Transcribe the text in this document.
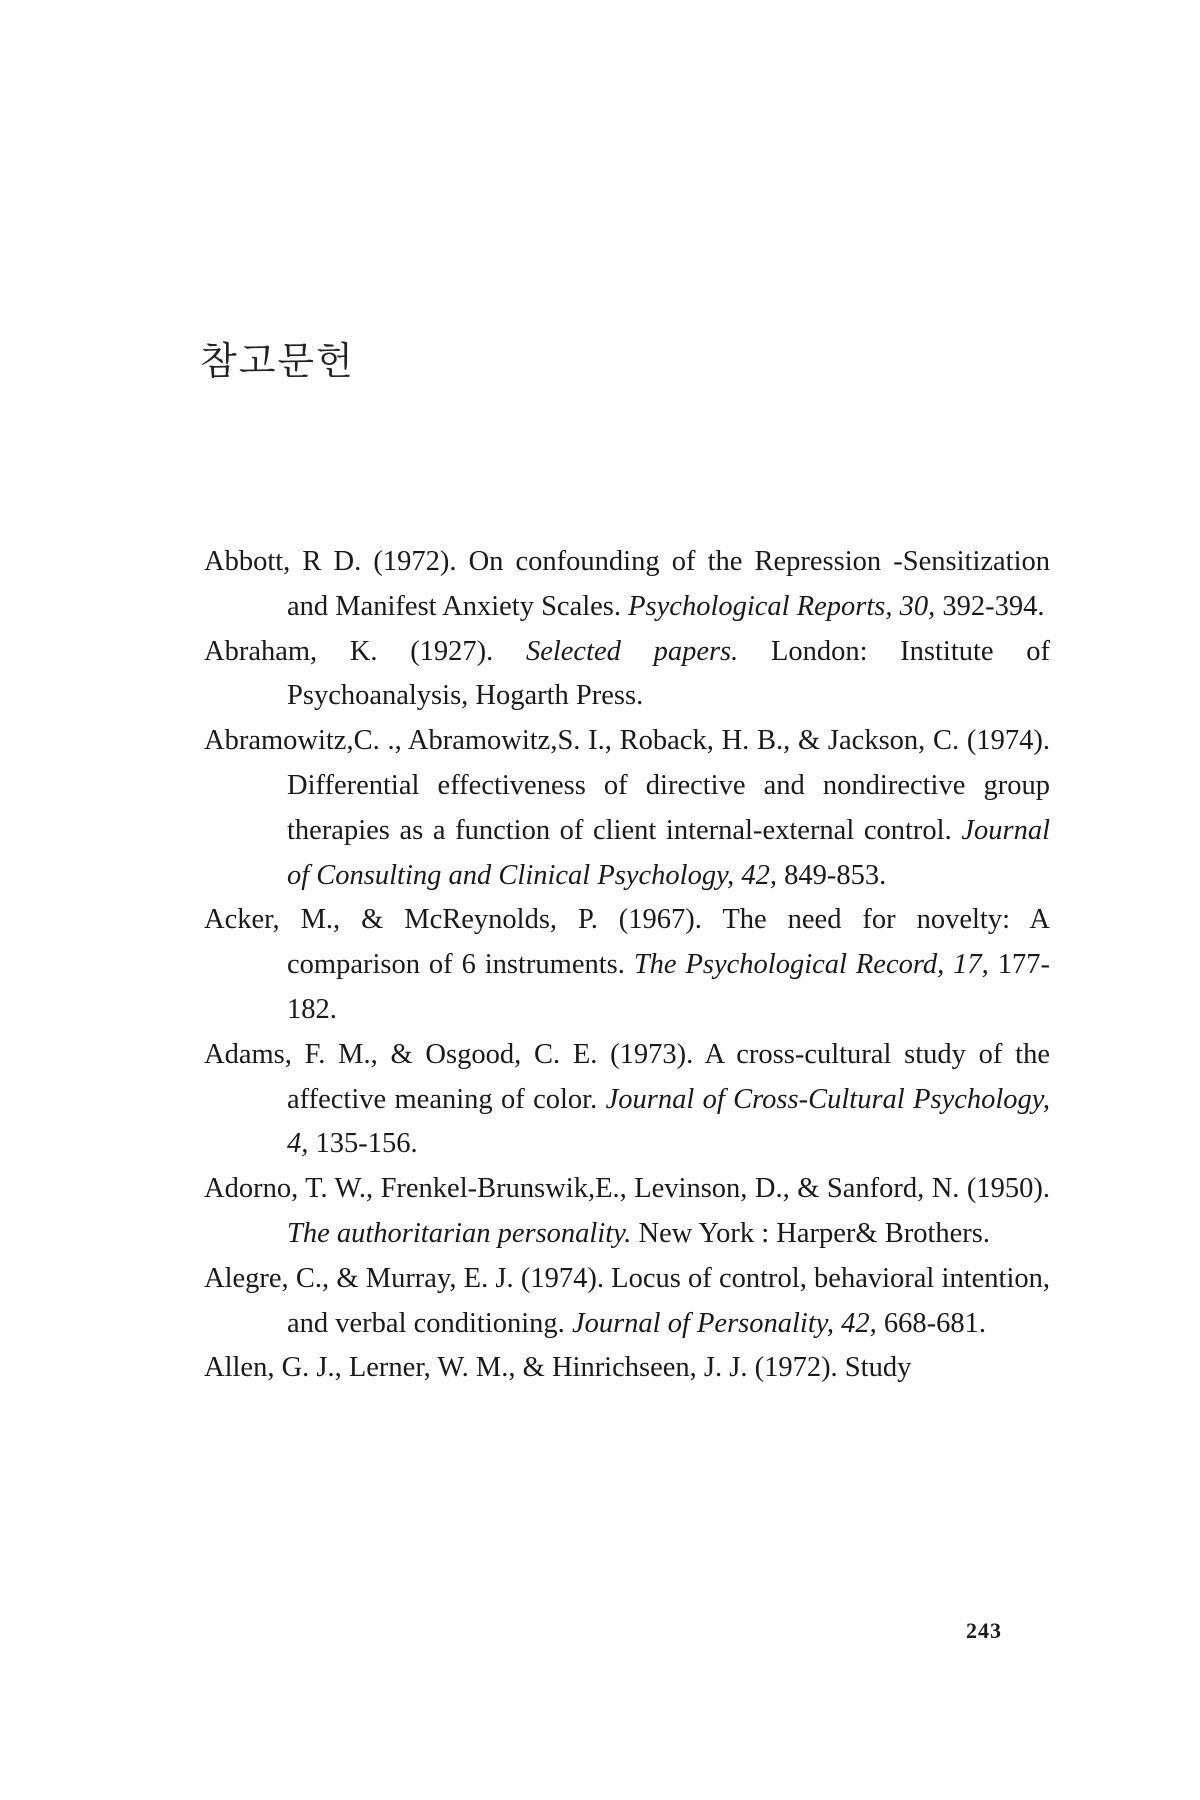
참고문헌

Abbott, R D. (1972). On confounding of the Repression -Sensitization and Manifest Anxiety Scales. Psychological Reports, 30, 392-394.

Abraham, K. (1927). Selected papers. London: Institute of Psychoanalysis, Hogarth Press.

Abramowitz,C. ., Abramowitz,S. I., Roback, H. B., & Jackson, C. (1974). Differential effectiveness of directive and nondirective group therapies as a function of client internal-external control. Journal of Consulting and Clinical Psychology, 42, 849-853.

Acker, M., & McReynolds, P. (1967). The need for novelty: A comparison of 6 instruments. The Psychological Record, 17, 177-182.

Adams, F. M., & Osgood, C. E. (1973). A cross-cultural study of the affective meaning of color. Journal of Cross-Cultural Psychology, 4, 135-156.

Adorno, T. W., Frenkel-Brunswik,E., Levinson, D., & Sanford, N. (1950). The authoritarian personality. New York : Harper& Brothers.

Alegre, C., & Murray, E. J. (1974). Locus of control, behavioral intention, and verbal conditioning. Journal of Personality, 42, 668-681.

Allen, G. J., Lerner, W. M., & Hinrichseen, J. J. (1972). Study

243
